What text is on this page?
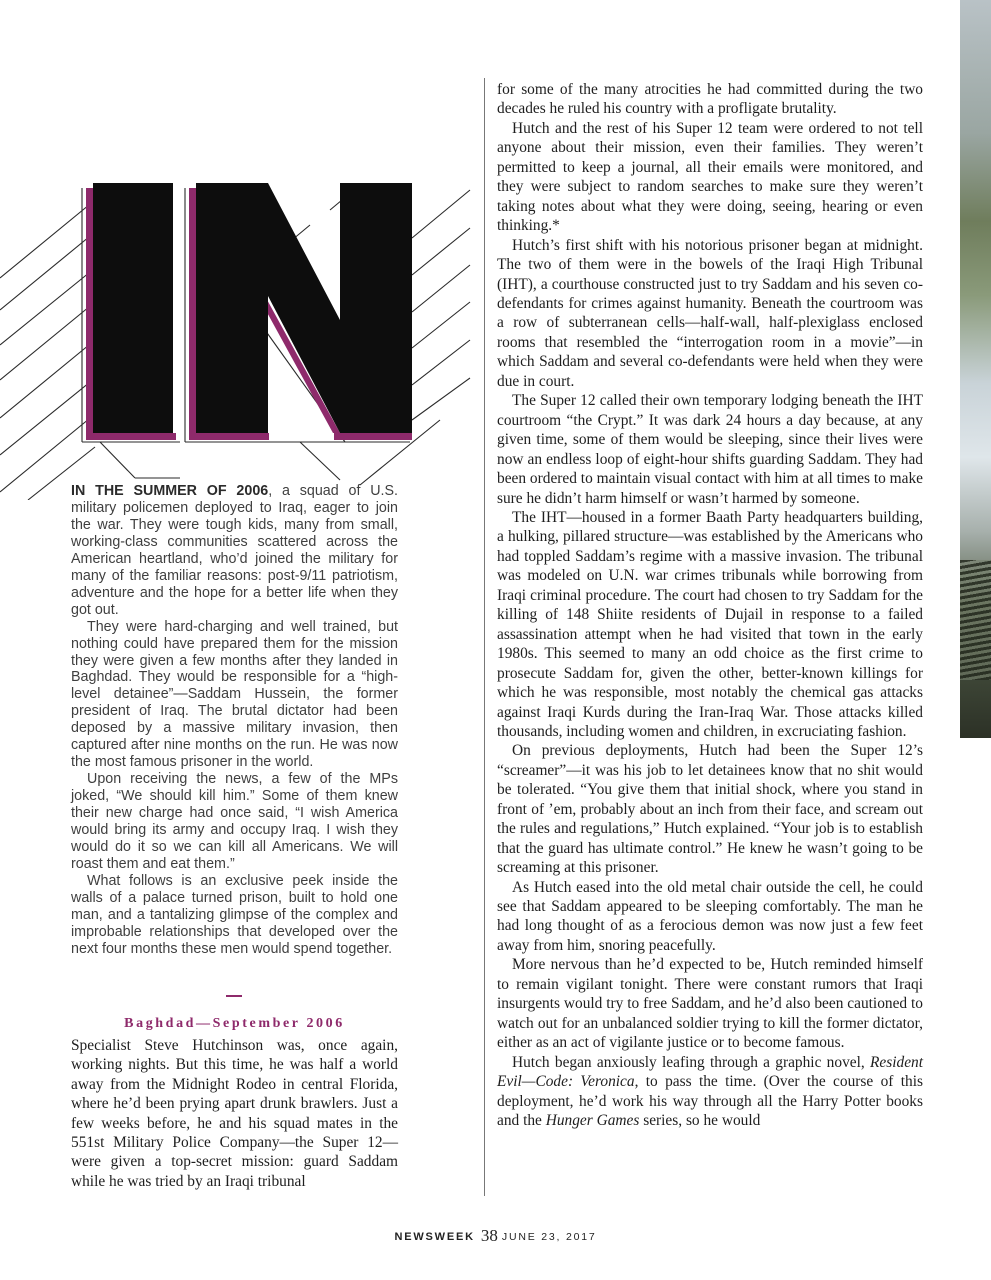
IN THE SUMMER OF 2006, a squad of U.S. military policemen deployed to Iraq, eager to join the war. They were tough kids, many from small, working-class communities scattered across the American heartland, who’d joined the military for many of the familiar reasons: post-9/11 patriotism, adventure and the hope for a better life when they got out.

They were hard-charging and well trained, but nothing could have prepared them for the mission they were given a few months after they landed in Baghdad. They would be responsible for a “high-level detainee”—Saddam Hussein, the former president of Iraq. The brutal dictator had been deposed by a massive military invasion, then captured after nine months on the run. He was now the most famous prisoner in the world.

Upon receiving the news, a few of the MPs joked, “We should kill him.” Some of them knew their new charge had once said, “I wish America would bring its army and occupy Iraq. I wish they would do it so we can kill all Americans. We will roast them and eat them.”

What follows is an exclusive peek inside the walls of a palace turned prison, built to hold one man, and a tantalizing glimpse of the complex and improbable relationships that developed over the next four months these men would spend together.

Baghdad—September 2006

Specialist Steve Hutchinson was, once again, working nights. But this time, he was half a world away from the Midnight Rodeo in central Florida, where he’d been prying apart drunk brawlers. Just a few weeks before, he and his squad mates in the 551st Military Police Company—the Super 12—were given a top-secret mission: guard Saddam while he was tried by an Iraqi tribunal

for some of the many atrocities he had committed during the two decades he ruled his country with a profligate brutality.

Hutch and the rest of his Super 12 team were ordered to not tell anyone about their mission, even their families. They weren’t permitted to keep a journal, all their emails were monitored, and they were subject to random searches to make sure they weren’t taking notes about what they were doing, seeing, hearing or even thinking.*

Hutch’s first shift with his notorious prisoner began at midnight. The two of them were in the bowels of the Iraqi High Tribunal (IHT), a courthouse constructed just to try Saddam and his seven co-defendants for crimes against humanity. Beneath the courtroom was a row of subterranean cells—half-wall, half-plexiglass enclosed rooms that resembled the “interrogation room in a movie”—in which Saddam and several co-defendants were held when they were due in court.

The Super 12 called their own temporary lodging beneath the IHT courtroom “the Crypt.” It was dark 24 hours a day because, at any given time, some of them would be sleeping, since their lives were now an endless loop of eight-hour shifts guarding Saddam. They had been ordered to maintain visual contact with him at all times to make sure he didn’t harm himself or wasn’t harmed by someone.

The IHT—housed in a former Baath Party headquarters building, a hulking, pillared structure—was established by the Americans who had toppled Saddam’s regime with a massive invasion. The tribunal was modeled on U.N. war crimes tribunals while borrowing from Iraqi criminal procedure. The court had chosen to try Saddam for the killing of 148 Shiite residents of Dujail in response to a failed assassination attempt when he had visited that town in the early 1980s. This seemed to many an odd choice as the first crime to prosecute Saddam for, given the other, better-known killings for which he was responsible, most notably the chemical gas attacks against Iraqi Kurds during the Iran-Iraq War. Those attacks killed thousands, including women and children, in excruciating fashion.

On previous deployments, Hutch had been the Super 12’s “screamer”—it was his job to let detainees know that no shit would be tolerated. “You give them that initial shock, where you stand in front of ’em, probably about an inch from their face, and scream out the rules and regulations,” Hutch explained. “Your job is to establish that the guard has ultimate control.” He knew he wasn’t going to be screaming at this prisoner.

As Hutch eased into the old metal chair outside the cell, he could see that Saddam appeared to be sleeping comfortably. The man he had long thought of as a ferocious demon was now just a few feet away from him, snoring peacefully.

More nervous than he’d expected to be, Hutch reminded himself to remain vigilant tonight. There were constant rumors that Iraqi insurgents would try to free Saddam, and he’d also been cautioned to watch out for an unbalanced soldier trying to kill the former dictator, either as an act of vigilante justice or to become famous.

Hutch began anxiously leafing through a graphic novel, Resident Evil—Code: Veronica, to pass the time. (Over the course of this deployment, he’d work his way through all the Harry Potter books and the Hunger Games series, so he would

NEWSWEEK 38 JUNE 23, 2017
